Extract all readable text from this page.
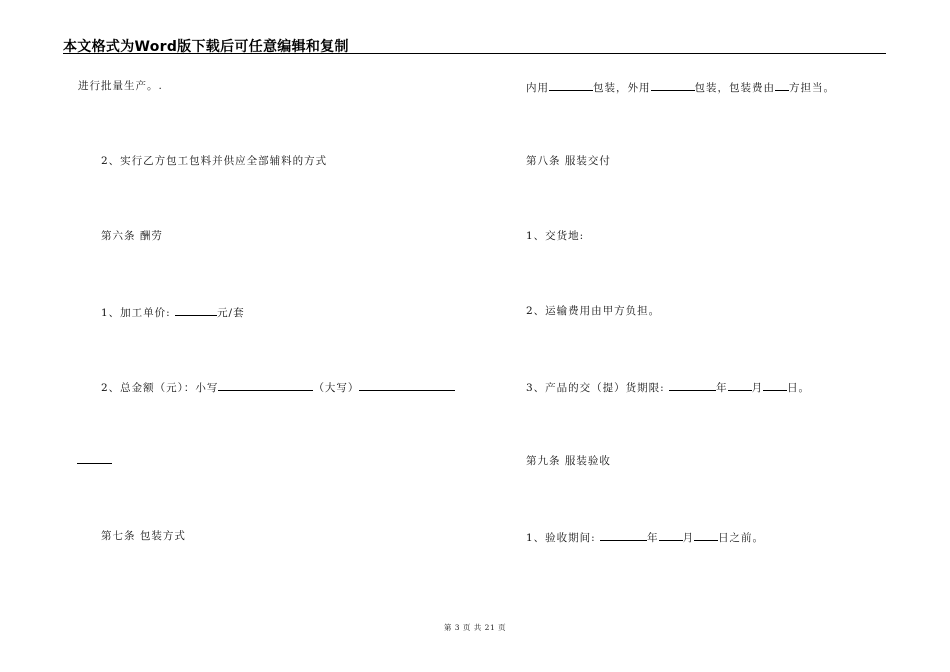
本文格式为Word版下载后可任意编辑和复制
进行批量生产。.
2、实行乙方包工包料并供应全部辅料的方式
第六条 酬劳
1、加工单价:	元/套
2、总金额（元）：小写	（大写）
第七条 包装方式
内用	包装，外用	包装，包装费由 方担当。
第八条 服装交付
1、交货地:
2、运输费用由甲方负担。
3、产品的交（提）货期限:	年 月 日。
第九条 服装验收
1、验收期间:	年 月 日之前。
第 3 页 共 21 页
